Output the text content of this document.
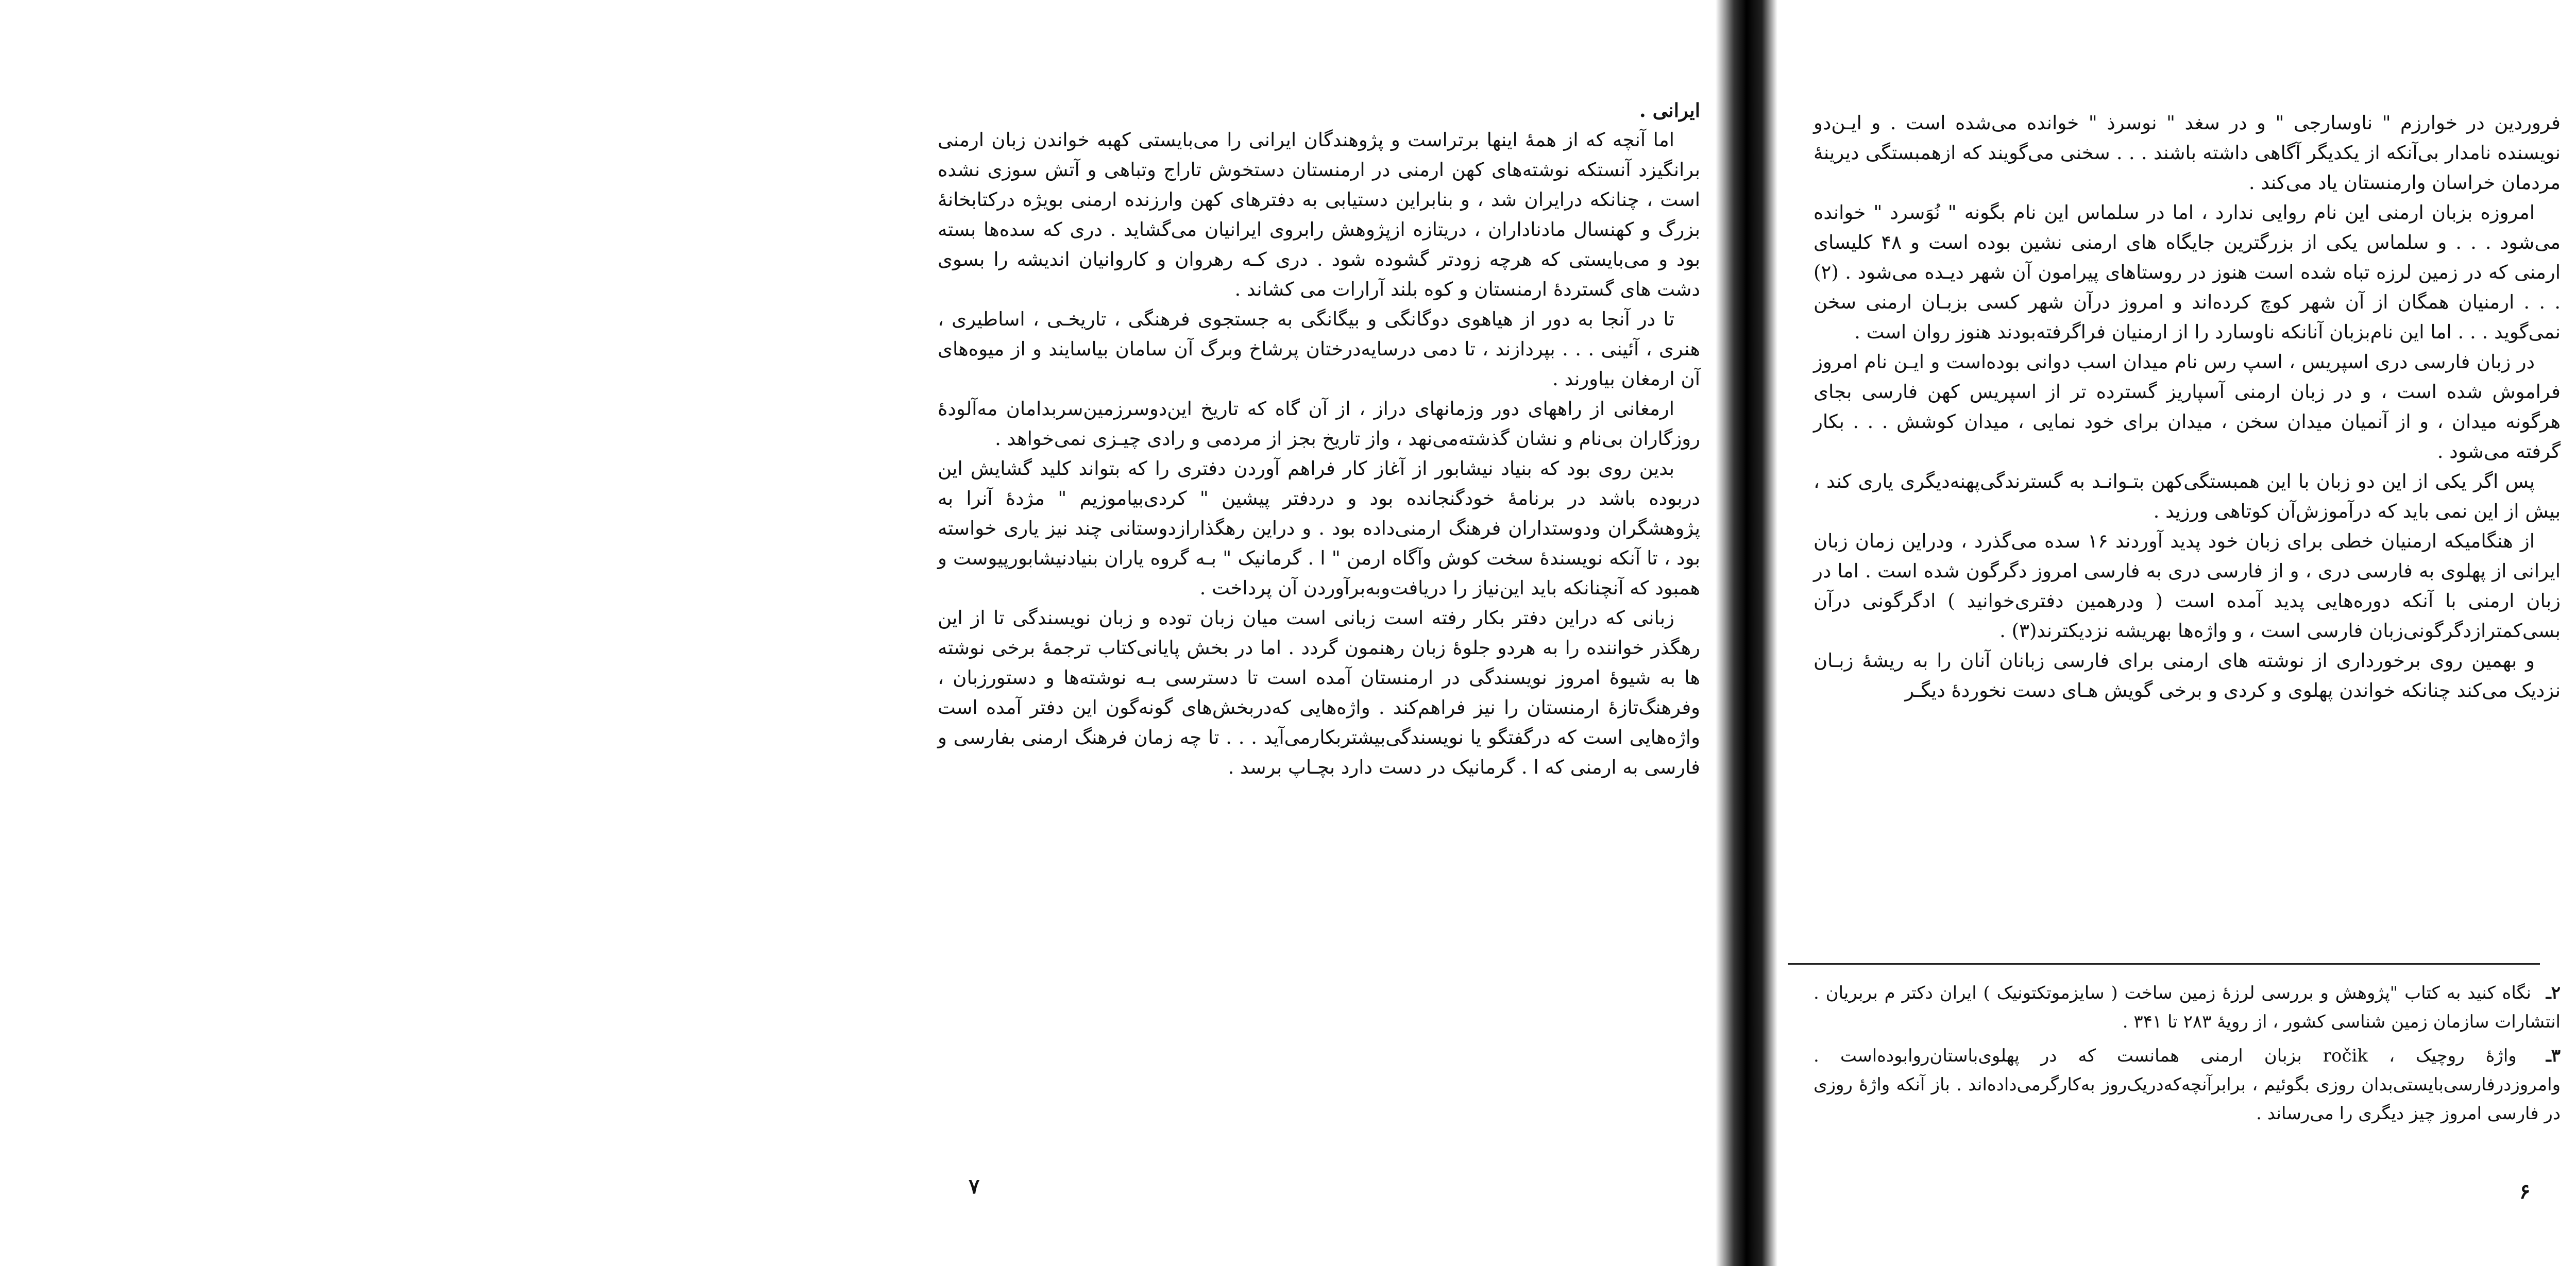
ایرانی .

اما آنچه که از همهٔ اینها برتراست و پژوهندگان ایرانی را می‌بایستی کهبه خواندن زبان ارمنی برانگیزد آنستکه نوشته‌های کهن ارمنی در ارمنستان دستخوش تاراج وتباهی و آتش سوزی نشده است ، چنانکه درایران شد ، و بنابراین دستیابی به دفترهای کهن وارزنده ارمنی بویژه درکتابخانهٔ بزرگ و کهنسال مادناداران ، دریتازه ازپژوهش رابروی ایرانیان می‌گشاید . دری که سده‌ها بسته بود و می‌بایستی که هرچه زودتر گشوده شود . دری کـه رهروان و کاروانیان اندیشه را بسوی دشت های گستردهٔ ارمنستان و کوه بلند آرارات می کشاند .

تا در آنجا به دور از هیاهوی دوگانگی و بیگانگی به جستجوی فرهنگی ، تاریخـی ، اساطیری ، هنری ، آئینی . . . بپردازند ، تا دمی درسایه‌درختان پرشاخ وبرگ آن سامان بیاسایند و از میوه‌های آن ارمغان بیاورند .

ارمغانی از راههای دور وزمانهای دراز ، از آن گاه که تاریخ این‌دوسرزمین‌سربدامان مه‌آلودهٔ روزگاران بی‌نام و نشان گذشته‌می‌نهد ، واز تاریخ بجز از مردمی و رادی چیـزی نمی‌خواهد .

بدین روی بود که بنیاد نیشابور از آغاز کار فراهم آوردن دفتری را که بتواند کلید گشایش این دربوده باشد در برنامهٔ خودگنجانده بود و دردفتر پیشین " کردی‌بیاموزیم " مژدهٔ آنرا به پژوهشگران ودوستداران فرهنگ ارمنی‌داده بود . و دراین رهگذارازدوستانی چند نیز یاری خواسته بود ، تا آنکه نویسندهٔ سخت کوش وآگاه ارمن " ا . گرمانیک " بـه گروه یاران بنیادنیشابورپیوست و همبود که آنچنانکه باید این‌نیاز را دریافت‌وبه‌برآوردن آن پرداخت .

زبانی که دراین دفتر بکار رفته است زبانی است میان زبان توده و زبان نویسندگی تا از این رهگذر خواننده را به هردو جلوهٔ زبان رهنمون گردد . اما در بخش پایانی‌کتاب ترجمهٔ برخی نوشته ها به شیوهٔ امروز نویسندگی در ارمنستان آمده است تا دسترسی بـه نوشته‌ها و دستورزبان ، وفرهنگ‌تازهٔ ارمنستان را نیز فراهم‌کند . واژه‌هایی که‌دربخش‌های گونه‌گون این دفتر آمده است واژه‌هایی است که درگفتگو یا نویسندگی‌بیشتربکارمی‌آید . . . تا چه زمان فرهنگ ارمنی بفارسی و فارسی به ارمنی که ا . گرمانیک در دست دارد بچـاپ برسد .

فروردین در خوارزم " ناوسارجی " و در سغد " نوسرذ " خوانده می‌شده است . و ایـن‌دو نویسنده نامدار بی‌آنکه از یکدیگر آگاهی داشته باشند . . . سخنی می‌گویند که ازهمبستگی دیرینهٔ مردمان خراسان وارمنستان یاد می‌کند .

امروزه بزبان ارمنی این نام روایی ندارد ، اما در سلماس این نام بگونه " نُوَسرد " خوانده می‌شود . . . و سلماس یکی از بزرگترین جایگاه های ارمنی نشین بوده است و ۴۸ کلیسای ارمنی که در زمین لرزه تباه شده است هنوز در روستاهای پیرامون آن شهر دیـده می‌شود . (۲) . . . ارمنیان همگان از آن شهر کوچ کرده‌اند و امروز درآن شهر کسی بزبـان ارمنی سخن نمی‌گوید . . . اما این نام‌بزبان آنانکه ناوسارد را از ارمنیان فراگرفته‌بودند هنوز روان است .

در زبان فارسی دری اسپریس ، اسپ رس نام میدان اسب دوانی بوده‌است و ایـن نام امروز فراموش شده است ، و در زبان ارمنی آسپاریز گسترده تر از اسپریس کهن فارسی بجای هرگونه میدان ، و از آنمیان میدان سخن ، میدان برای خود نمایی ، میدان کوشش . . . بکار گرفته می‌شود .

پس اگر یکی از این دو زبان با این همبستگی‌کهن بتـوانـد به گسترندگی‌پهنه‌دیگری یاری کند ، بیش از این نمی باید که درآموزش‌آن کوتاهی ورزید .

از هنگامیکه ارمنیان خطی برای زبان خود پدید آوردند ۱۶ سده می‌گذرد ، ودراین زمان زبان ایرانی از پهلوی به فارسی دری ، و از فارسی دری به فارسی امروز دگرگون شده است . اما در زبان ارمنی با آنکه دوره‌هایی پدید آمده است ( ودرهمین دفتری‌خوانید ) ادگرگونی درآن بسی‌کمترازدگرگونی‌زبان فارسی است ، و واژه‌ها بهریشه نزدیکترند(۳) .

و بهمین روی برخورداری از نوشته های ارمنی برای فارسی زبانان آنان را به ریشهٔ زبـان نزدیک می‌کند چنانکه خواندن پهلوی و کردی و برخی گویش هـای دست نخوردهٔ دیگـر

۲ـ نگاه کنید به کتاب "پژوهش و بررسی لرزهٔ زمین ساخت ( سایزموتکتونیک ) ایران دکتر م بربریان . انتشارات سازمان زمین شناسی کشور ، از رویهٔ ۲۸۳ تا ۳۴۱ .

۳ـ واژهٔ روچیک ، ročik بزبان ارمنی همانست که در پهلوی‌باستان‌روابوده‌است . وامروزدرفارسی‌بایستی‌بدان روزی بگوئیم ، برابرآنچه‌که‌دریک‌روز به‌کارگرمی‌داده‌اند . باز آنکه واژهٔ روزی در فارسی امروز چیز دیگری را می‌رساند .

۷	۶
